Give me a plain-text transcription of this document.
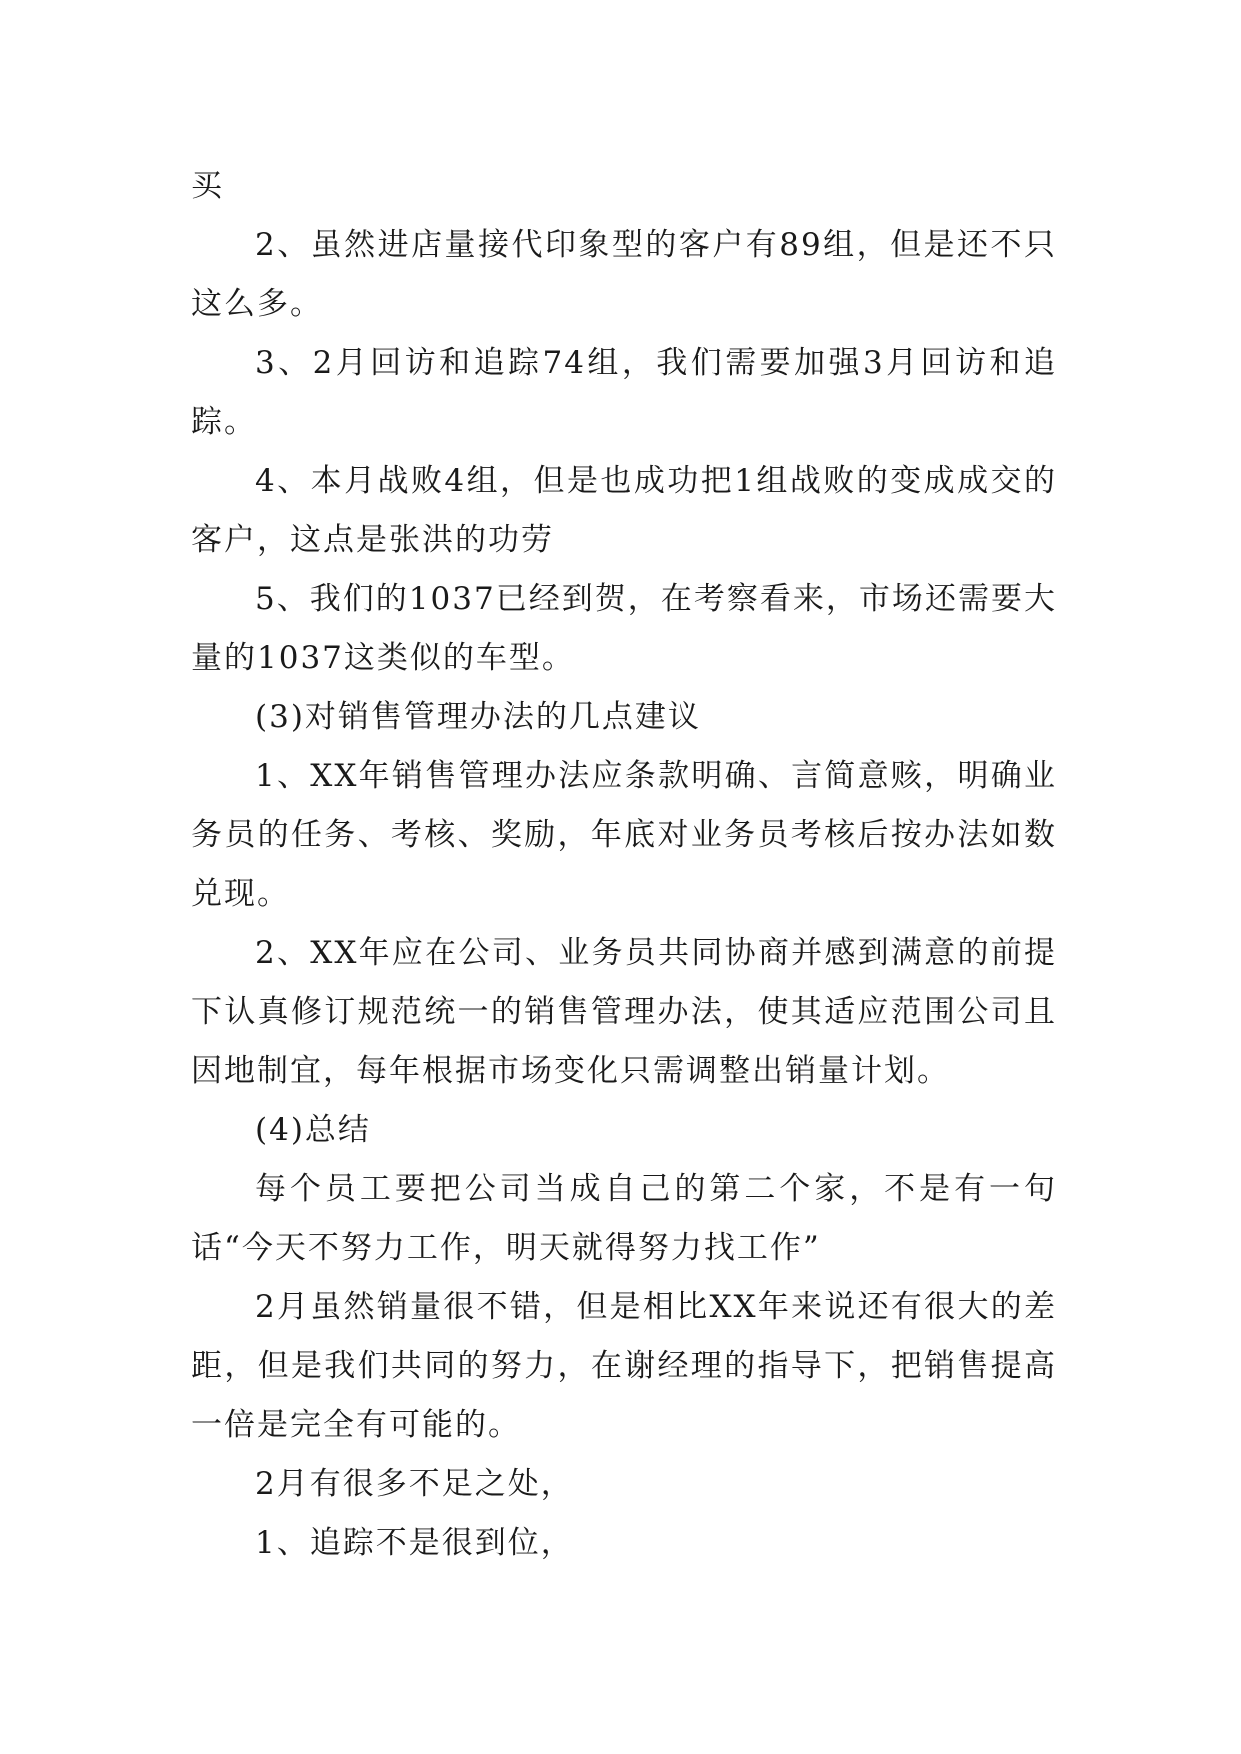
买

2、虽然进店量接代印象型的客户有89组，但是还不只这么多。

3、2月回访和追踪74组，我们需要加强3月回访和追踪。

4、本月战败4组，但是也成功把1组战败的变成成交的客户，这点是张洪的功劳

5、我们的1037已经到贺，在考察看来，市场还需要大量的1037这类似的车型。

(3)对销售管理办法的几点建议

1、XX年销售管理办法应条款明确、言简意赅，明确业务员的任务、考核、奖励，年底对业务员考核后按办法如数兑现。

2、XX年应在公司、业务员共同协商并感到满意的前提下认真修订规范统一的销售管理办法，使其适应范围公司且因地制宜，每年根据市场变化只需调整出销量计划。

(4)总结

每个员工要把公司当成自己的第二个家，不是有一句话“今天不努力工作，明天就得努力找工作”

2月虽然销量很不错，但是相比XX年来说还有很大的差距，但是我们共同的努力，在谢经理的指导下，把销售提高一倍是完全有可能的。

2月有很多不足之处，

1、追踪不是很到位，
